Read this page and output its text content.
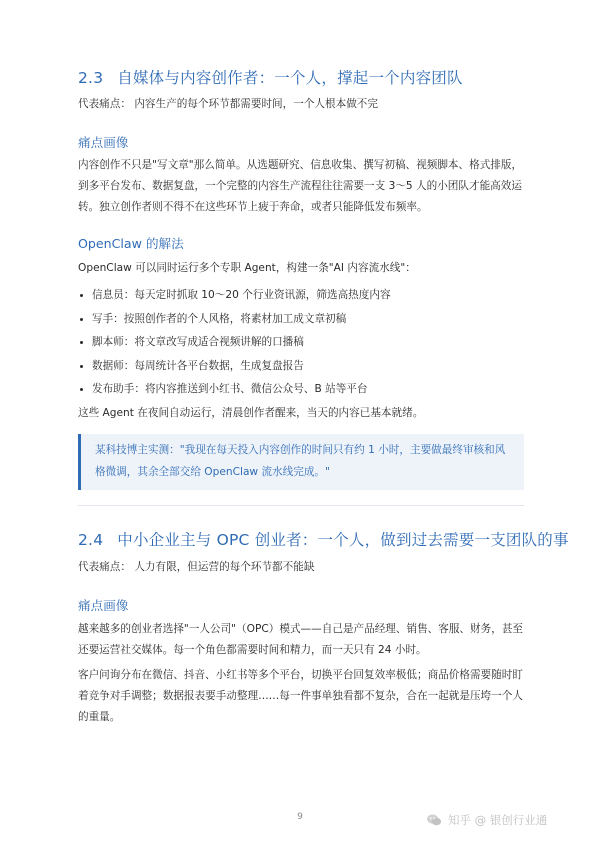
2.3 自媒体与内容创作者：一个人，撑起一个内容团队
代表痛点： 内容生产的每个环节都需要时间，一个人根本做不完
痛点画像
内容创作不只是"写文章"那么简单。从选题研究、信息收集、撰写初稿、视频脚本、格式排版，到多平台发布、数据复盘，一个完整的内容生产流程往往需要一支 3～5 人的小团队才能高效运转。独立创作者则不得不在这些环节上疲于奔命，或者只能降低发布频率。
OpenClaw 的解法
OpenClaw 可以同时运行多个专职 Agent，构建一条"AI 内容流水线"：
信息员：每天定时抓取 10～20 个行业资讯源，筛选高热度内容
写手：按照创作者的个人风格，将素材加工成文章初稿
脚本师：将文章改写成适合视频讲解的口播稿
数据师：每周统计各平台数据，生成复盘报告
发布助手：将内容推送到小红书、微信公众号、B 站等平台
这些 Agent 在夜间自动运行，清晨创作者醒来，当天的内容已基本就绪。
某科技博主实测："我现在每天投入内容创作的时间只有约 1 小时，主要做最终审核和风格微调，其余全部交给 OpenClaw 流水线完成。"
2.4 中小企业主与 OPC 创业者：一个人，做到过去需要一支团队的事
代表痛点： 人力有限，但运营的每个环节都不能缺
痛点画像
越来越多的创业者选择"一人公司"（OPC）模式——自己是产品经理、销售、客服、财务，甚至还要运营社交媒体。每一个角色都需要时间和精力，而一天只有 24 小时。
客户问询分布在微信、抖音、小红书等多个平台，切换平台回复效率极低；商品价格需要随时盯着竞争对手调整；数据报表要手动整理……每一件事单独看都不复杂，合在一起就是压垮一个人的重量。
9	知乎 @ 银创行业通
